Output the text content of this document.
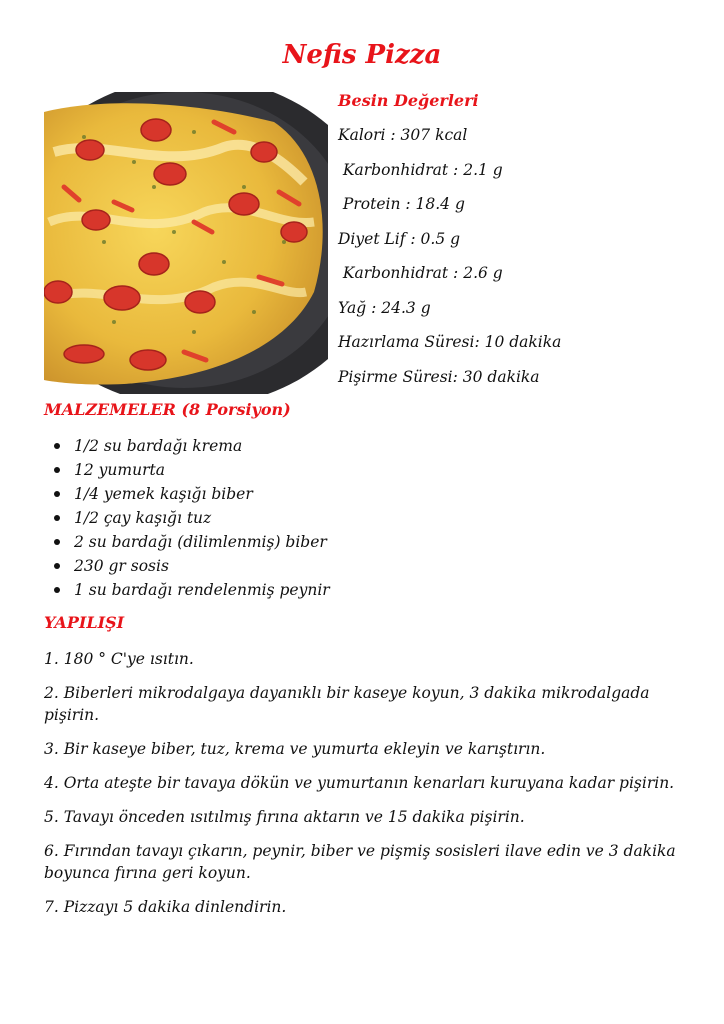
Nefis Pizza
Besin Değerleri
Kalori : 307 kcal
Karbonhidrat : 2.1 g
Protein : 18.4 g
Diyet Lif : 0.5 g
Karbonhidrat : 2.6 g
Yağ : 24.3 g
Hazırlama Süresi: 10 dakika
Pişirme Süresi: 30 dakika
MALZEMELER (8 Porsiyon)
1/2 su bardağı krema
12 yumurta
1/4 yemek kaşığı biber
1/2 çay kaşığı tuz
2 su bardağı (dilimlenmiş) biber
230 gr sosis
1 su bardağı rendelenmiş peynir
YAPILIŞI

1. 180 ° C'ye ısıtın.

2. Biberleri mikrodalgaya dayanıklı bir kaseye koyun, 3 dakika mikrodalgada pişirin.

3. Bir kaseye biber, tuz, krema ve yumurta ekleyin ve karıştırın.

4. Orta ateşte bir tavaya dökün ve yumurtanın kenarları kuruyana kadar pişirin.

5. Tavayı önceden ısıtılmış fırına aktarın ve 15 dakika pişirin.

6. Fırından tavayı çıkarın, peynir, biber ve pişmiş sosisleri ilave edin ve 3 dakika boyunca fırına geri koyun.

7. Pizzayı 5 dakika dinlendirin.
